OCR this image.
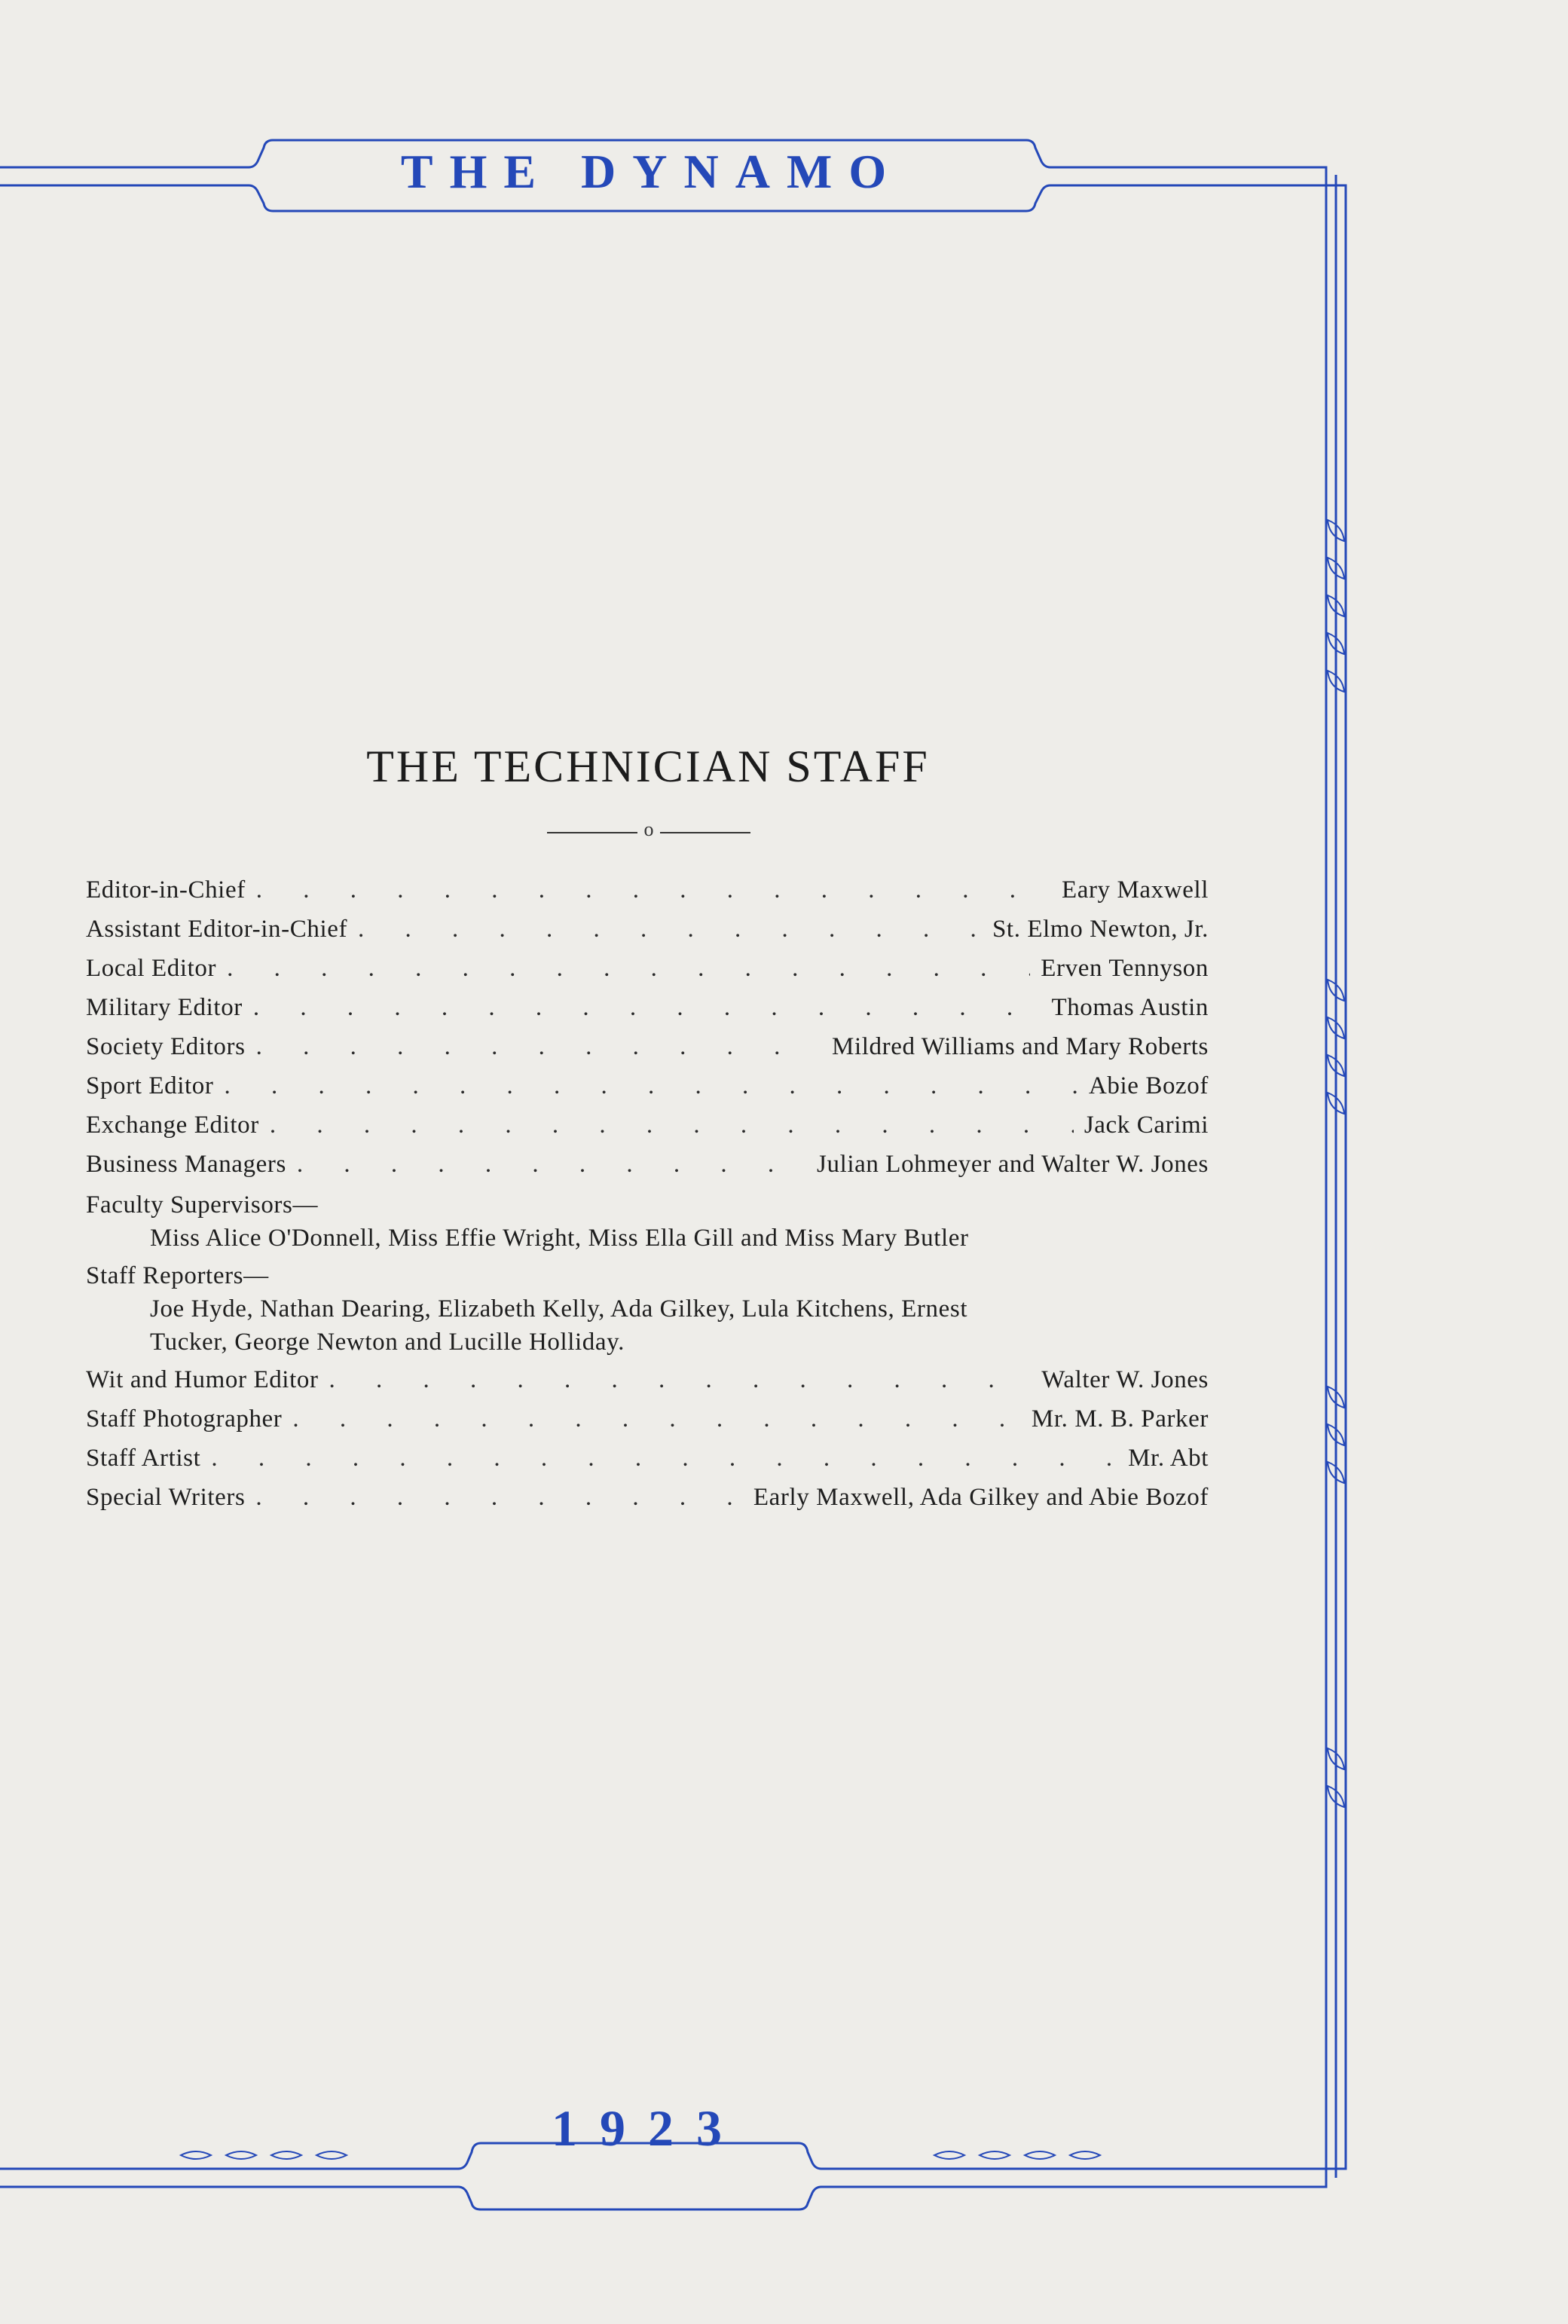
THE DYNAMO
THE TECHNICIAN STAFF
o
Editor-in-Chief . . .	Eary Maxwell
Assistant Editor-in-Chief . . .	St. Elmo Newton, Jr.
Local Editor . . .	Erven Tennyson
Military Editor . . .	Thomas Austin
Society Editors . . .	Mildred Williams and Mary Roberts
Sport Editor . . .	Abie Bozof
Exchange Editor . . .	Jack Carimi
Business Managers . . .	Julian Lohmeyer and Walter W. Jones
Faculty Supervisors—
Miss Alice O'Donnell, Miss Effie Wright, Miss Ella Gill and Miss Mary Butler
Staff Reporters—
Joe Hyde, Nathan Dearing, Elizabeth Kelly, Ada Gilkey, Lula Kitchens, Ernest
Tucker, George Newton and Lucille Holliday.
Wit and Humor Editor . . .	Walter W. Jones
Staff Photographer . . .	Mr. M. B. Parker
Staff Artist . . .	Mr. Abt
Special Writers . . .	Early Maxwell, Ada Gilkey and Abie Bozof
1923
